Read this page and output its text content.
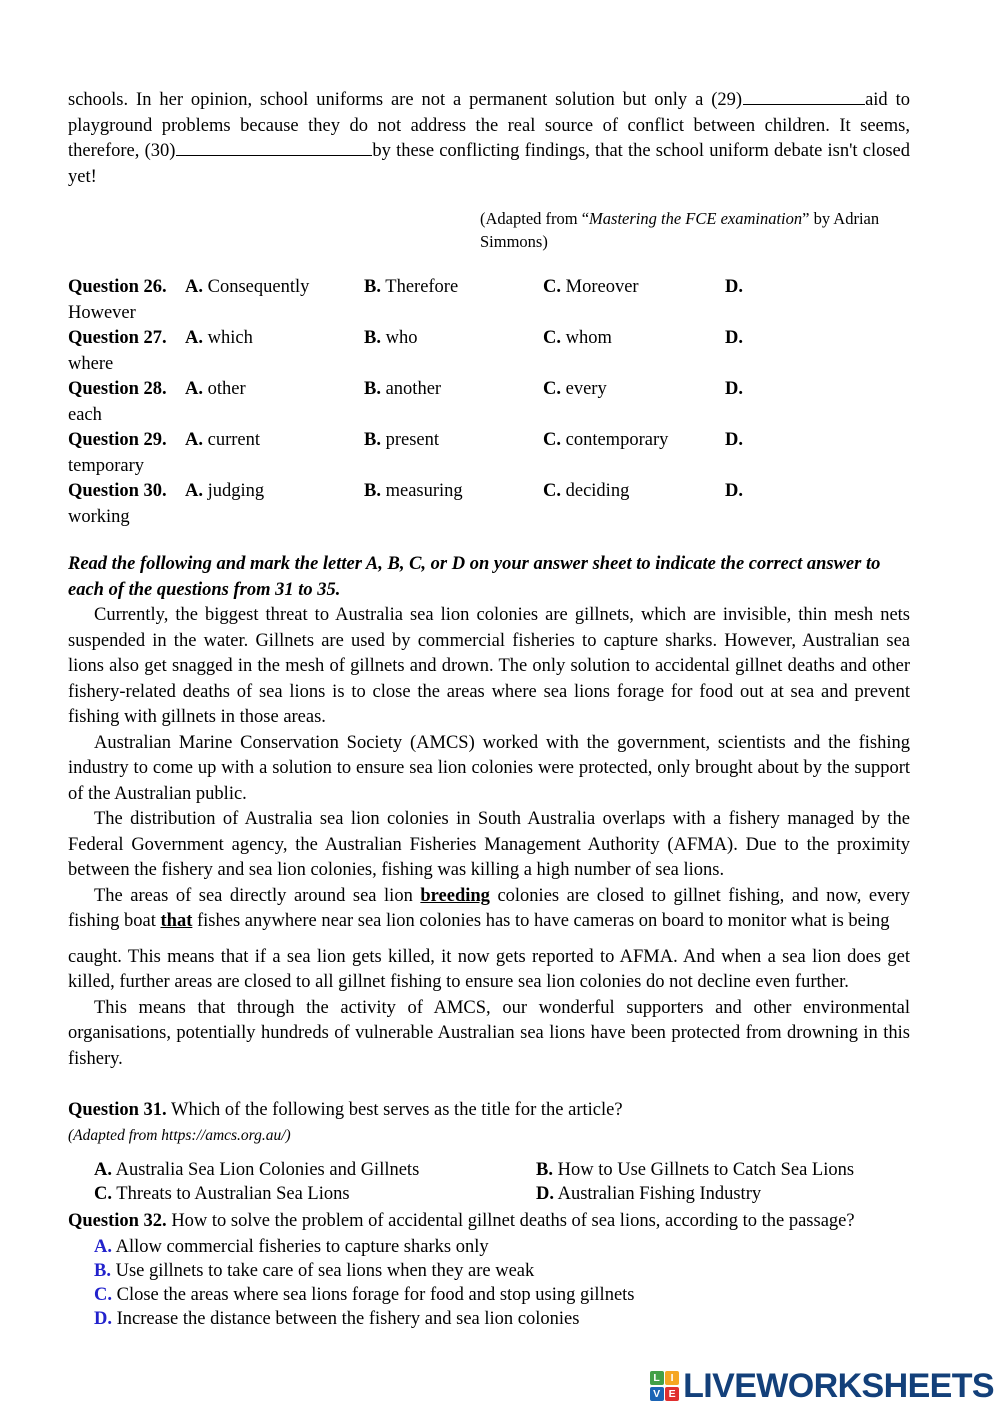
schools. In her opinion, school uniforms are not a permanent solution but only a (29)	aid to playground problems because they do not address the real source of conflict between children. It seems, therefore, (30)	by these conflicting findings, that the school uniform debate isn't closed yet!

(Adapted from “Mastering the FCE examination” by Adrian Simmons)
Question 26. A. Consequently	B. Therefore	C. Moreover	D.
However
Question 27. A. which	B. who	C. whom	D.
where
Question 28. A. other	B. another	C. every	D.
each
Question 29. A. current	B. present	C. contemporary	D.
temporary
Question 30. A. judging	B. measuring	C. deciding	D.
working
Read the following and mark the letter A, B, C, or D on your answer sheet to indicate the correct answer to each of the questions from 31 to 35.

Currently, the biggest threat to Australia sea lion colonies are gillnets, which are invisible, thin mesh nets suspended in the water. Gillnets are used by commercial fisheries to capture sharks. However, Australian sea lions also get snagged in the mesh of gillnets and drown. The only solution to accidental gillnet deaths and other fishery-related deaths of sea lions is to close the areas where sea lions forage for food out at sea and prevent fishing with gillnets in those areas.

Australian Marine Conservation Society (AMCS) worked with the government, scientists and the fishing industry to come up with a solution to ensure sea lion colonies were protected, only brought about by the support of the Australian public.

The distribution of Australia sea lion colonies in South Australia overlaps with a fishery managed by the Federal Government agency, the Australian Fisheries Management Authority (AFMA). Due to the proximity between the fishery and sea lion colonies, fishing was killing a high number of sea lions.

The areas of sea directly around sea lion breeding colonies are closed to gillnet fishing, and now, every fishing boat that fishes anywhere near sea lion colonies has to have cameras on board to monitor what is being

caught. This means that if a sea lion gets killed, it now gets reported to AFMA. And when a sea lion does get killed, further areas are closed to all gillnet fishing to ensure sea lion colonies do not decline even further.

This means that through the activity of AMCS, our wonderful supporters and other environmental organisations, potentially hundreds of vulnerable Australian sea lions have been protected from drowning in this fishery.

Question 31. Which of the following best serves as the title for the article?
(Adapted from https://amcs.org.au/)
A. Australia Sea Lion Colonies and Gillnets	B. How to Use Gillnets to Catch Sea Lions
C. Threats to Australian Sea Lions	D. Australian Fishing Industry
Question 32. How to solve the problem of accidental gillnet deaths of sea lions, according to the passage?
A. Allow commercial fisheries to capture sharks only
B. Use gillnets to take care of sea lions when they are weak
C. Close the areas where sea lions forage for food and stop using gillnets
D. Increase the distance between the fishery and sea lion colonies
L	I
V E LIVEWORKSHEETS
